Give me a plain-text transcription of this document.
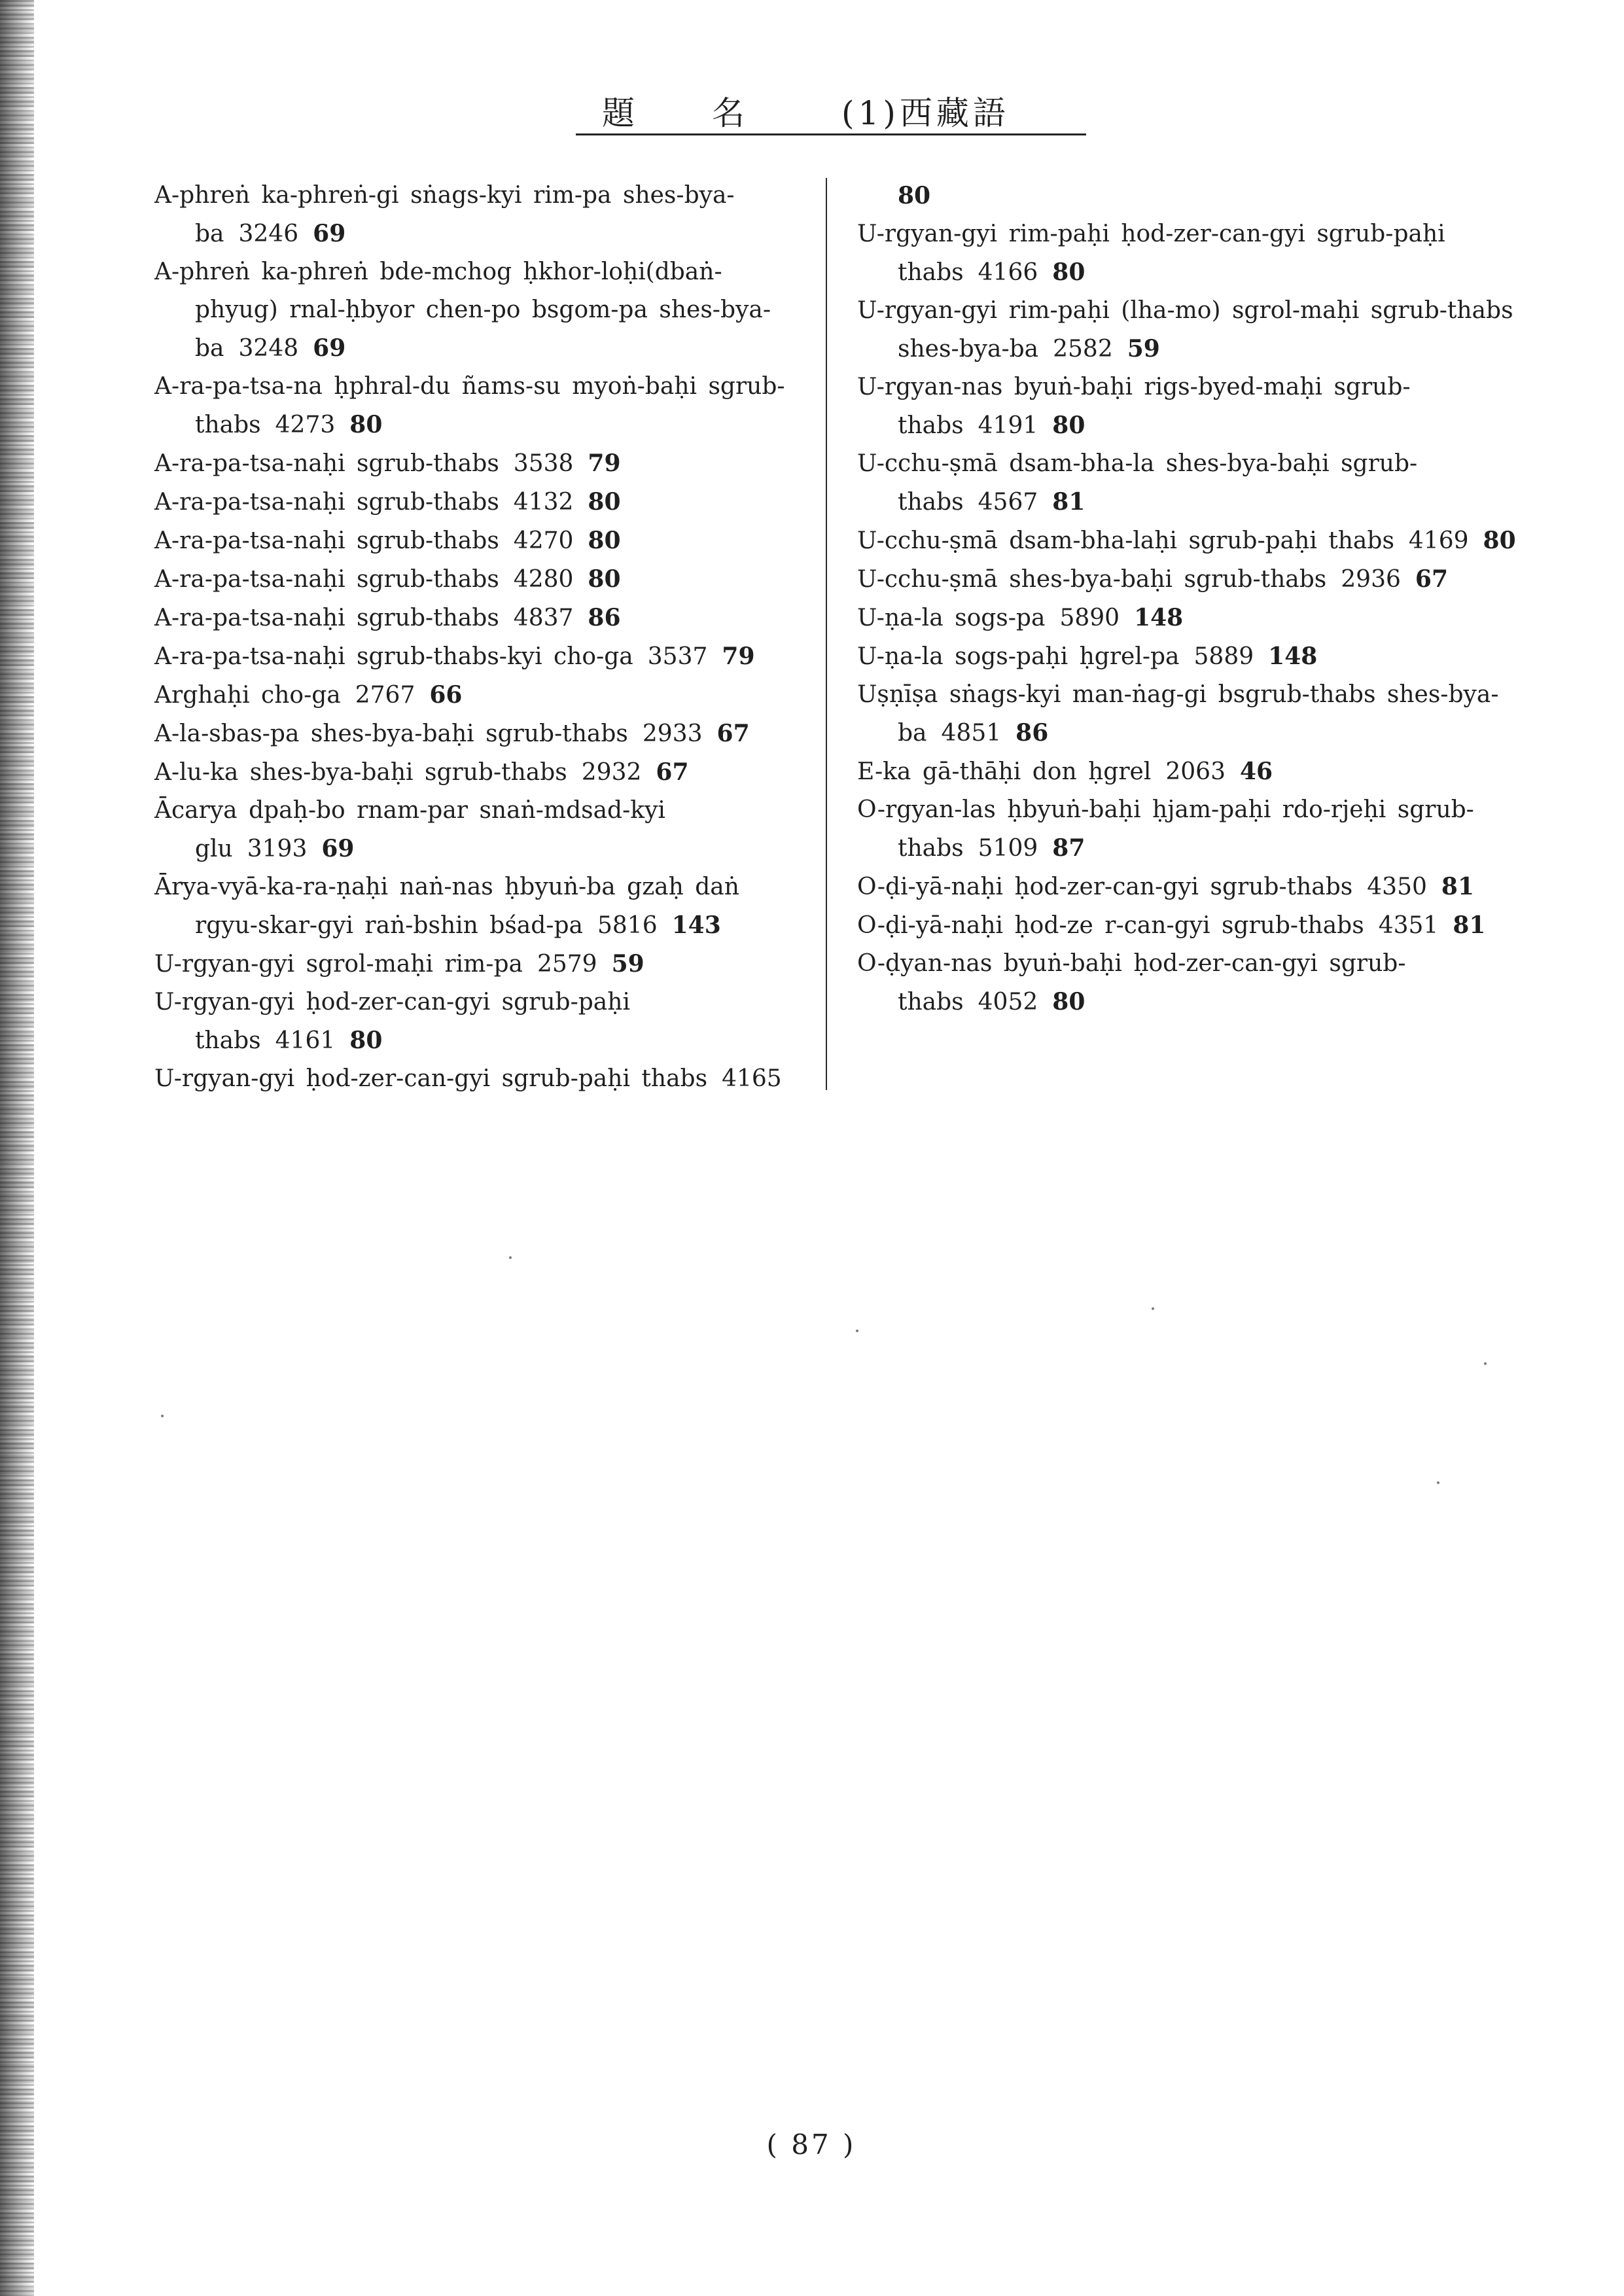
題名 (1)西藏語

A-phreṅ ka-phreṅ-gi sṅags-kyi rim-pa shes-bya-ba 3246 69

A-phreṅ ka-phreṅ bde-mchog ḥkhor-loḥi(dbaṅ-phyug) rnal-ḥbyor chen-po bsgom-pa shes-bya-ba 3248 69

A-ra-pa-tsa-na ḥphral-du ñams-su myoṅ-baḥi sgrub-thabs 4273 80

A-ra-pa-tsa-naḥi sgrub-thabs 3538 79

A-ra-pa-tsa-naḥi sgrub-thabs 4132 80

A-ra-pa-tsa-naḥi sgrub-thabs 4270 80

A-ra-pa-tsa-naḥi sgrub-thabs 4280 80

A-ra-pa-tsa-naḥi sgrub-thabs 4837 86

A-ra-pa-tsa-naḥi sgrub-thabs-kyi cho-ga 3537 79

Arghaḥi cho-ga 2767 66

A-la-sbas-pa shes-bya-baḥi sgrub-thabs 2933 67

A-lu-ka shes-bya-baḥi sgrub-thabs 2932 67

Ācarya dpaḥ-bo rnam-par snaṅ-mdsad-kyi glu 3193 69

Ārya-vyā-ka-ra-ṇaḥi naṅ-nas ḥbyuṅ-ba gzaḥ daṅ rgyu-skar-gyi raṅ-bshin bśad-pa 5816 143

U-rgyan-gyi sgrol-maḥi rim-pa 2579 59

U-rgyan-gyi ḥod-zer-can-gyi sgrub-paḥi thabs 4161 80

U-rgyan-gyi ḥod-zer-can-gyi sgrub-paḥi thabs 4165

80

U-rgyan-gyi rim-paḥi ḥod-zer-can-gyi sgrub-paḥi thabs 4166 80

U-rgyan-gyi rim-paḥi (lha-mo) sgrol-maḥi sgrub-thabs shes-bya-ba 2582 59

U-rgyan-nas byuṅ-baḥi rigs-byed-maḥi sgrub-thabs 4191 80

U-cchu-ṣmā dsam-bha-la shes-bya-baḥi sgrub-thabs 4567 81

U-cchu-ṣmā dsam-bha-laḥi sgrub-paḥi thabs 4169 80

U-cchu-ṣmā shes-bya-baḥi sgrub-thabs 2936 67

U-ṇa-la sogs-pa 5890 148

U-ṇa-la sogs-paḥi ḥgrel-pa 5889 148

Uṣṇīṣa sṅags-kyi man-ṅag-gi bsgrub-thabs shes-bya-ba 4851 86

E-ka gā-thāḥi don ḥgrel 2063 46

O-rgyan-las ḥbyuṅ-baḥi ḥjam-paḥi rdo-rjeḥi sgrub-thabs 5109 87

O-ḍi-yā-naḥi ḥod-zer-can-gyi sgrub-thabs 4350 81

O-ḍi-yā-naḥi ḥod-ze r-can-gyi sgrub-thabs 4351 81

O-ḍyan-nas byuṅ-baḥi ḥod-zer-can-gyi sgrub-thabs 4052 80

( 87 )
